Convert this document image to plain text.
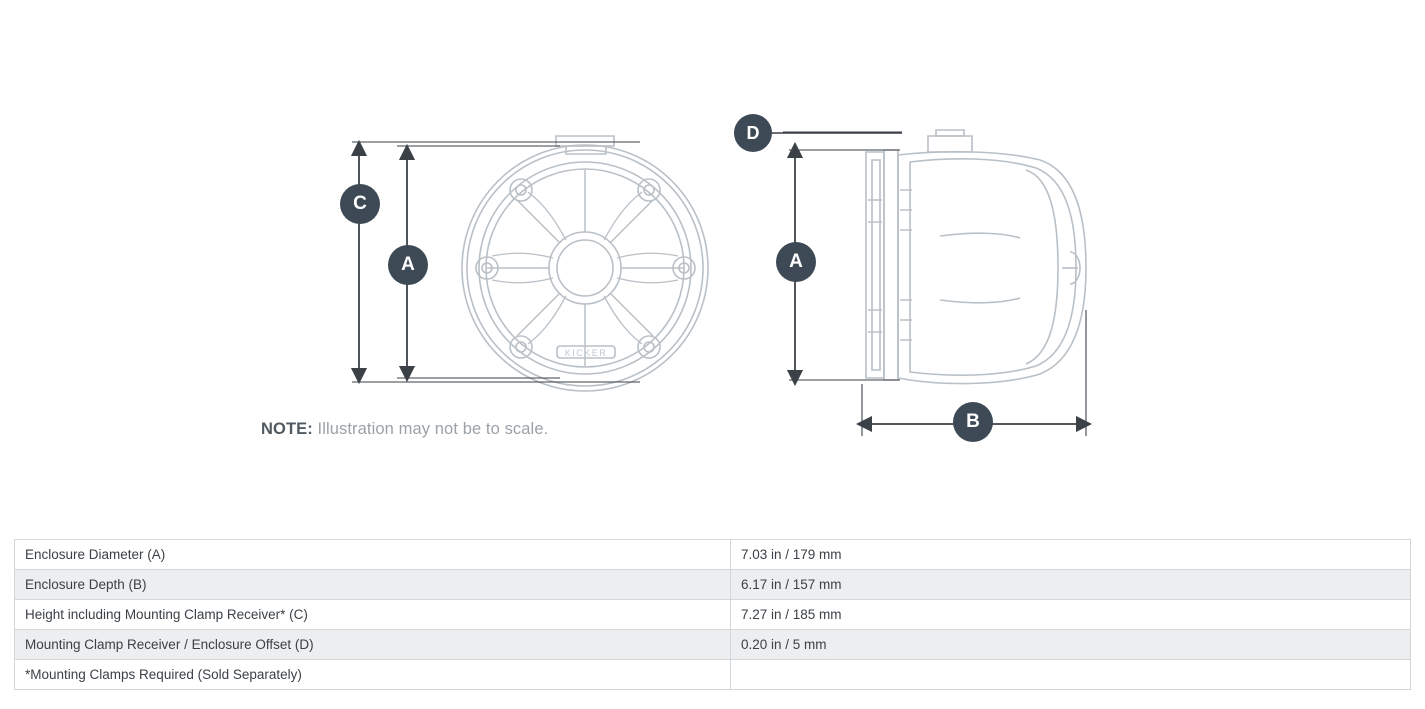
KICKER
C
A
D
A
B
NOTE: Illustration may not be to scale.
Enclosure Diameter (A)	7.03 in / 179 mm
Enclosure Depth (B)	6.17 in / 157 mm
Height including Mounting Clamp Receiver* (C)	7.27 in / 185 mm
Mounting Clamp Receiver / Enclosure Offset (D)	0.20 in / 5 mm
*Mounting Clamps Required (Sold Separately)	
